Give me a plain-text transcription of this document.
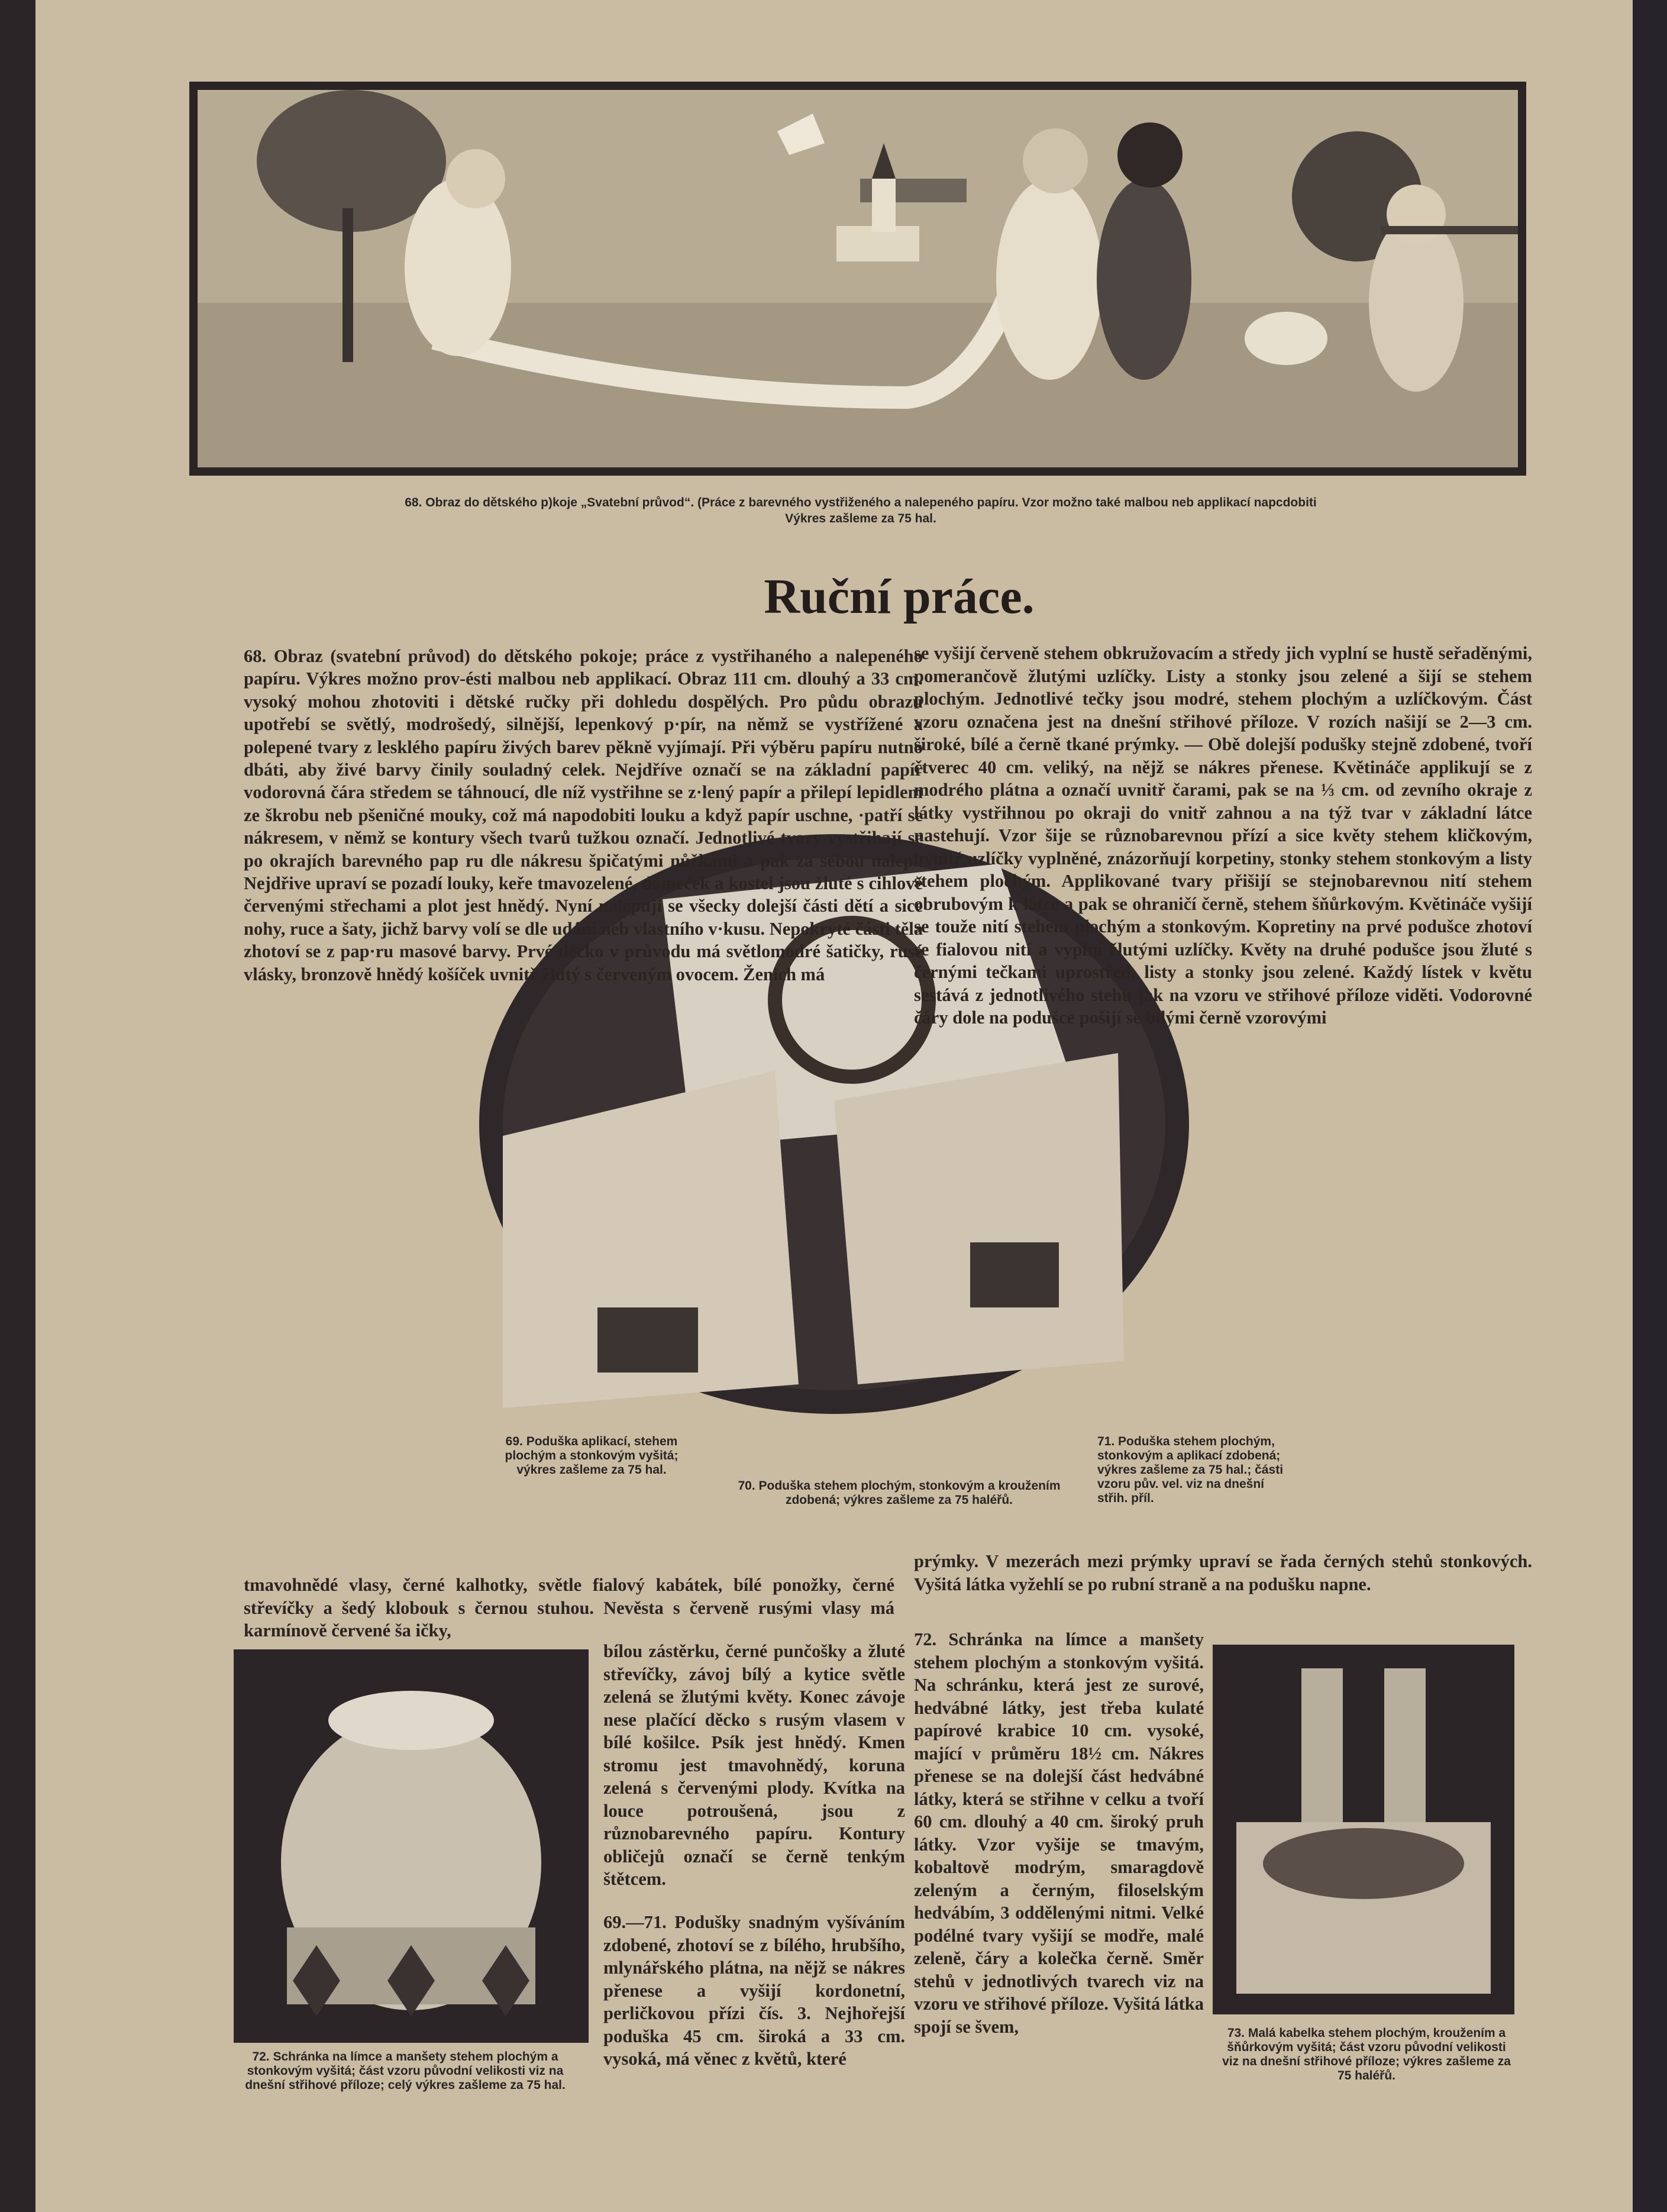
68. Obraz do dětského p)koje „Svatební průvod“. (Práce z barevného vystřiženého a nalepeného papíru. Vzor možno také malbou neb applikací napcdobiti
Výkres zašleme za 75 hal.
Ruční práce.

68. Obraz (svatební průvod) do dětského pokoje; práce z vystřihaného a nalepeného papíru. Výkres možno prov-ésti malbou neb applikací. Obraz 111 cm. dlouhý a 33 cm. vysoký mohou zhotoviti i dětské ručky při dohledu dospělých. Pro půdu obrazu upotřebí se světlý, modrošedý, silnější, lepenkový p·pír, na němž se vystřížené a polepené tvary z lesklého papíru živých barev pěkně vyjímají. Při výběru papíru nutno dbáti, aby živé barvy činily souladný celek. Nejdříve označí se na základní papír vodorovná čára středem se táhnoucí, dle níž vystřihne se z·lený papír a přilepí lepidlem ze škrobu neb pšeničné mouky, což má napodobiti louku a když papír uschne, ·patří se nákresem, v němž se kontury všech tvarů tužkou označí. Jednotlivé tvary vystřihají se po okrajích barevného pap ru dle nákresu špičatými nůžkami a pak za sebou nalepí. Nejdřive upraví se pozadí louky, keře tmavozelené, domeček a kostel jsou žluté s cihlově červenými střechami a plot jest hnědý. Nyní nalepují se všecky dolejší části dětí a sice nohy, ruce a šaty, jichž barvy volí se dle udání neb vlastního v·kusu. Nepokryté části těla zhotoví se z pap·ru masové barvy. Prvé děcko v průvodu má světlomodré šatičky, rusé vlásky, bronzově hnědý košíček uvnitř žlutý s červeným ovocem. Ženich má

tmavohnědé vlasy, černé kalhotky, světle fialový kabátek, bílé ponožky, černé střevíčky a šedý klobouk s černou stuhou. Nevěsta s červeně rusými vlasy má karmínově červené ša ičky,

bílou zástěrku, černé punčošky a žluté střevíčky, závoj bílý a kytice světle zelená se žlutými květy. Konec závoje nese plačící děcko s rusým vlasem v bílé košilce. Psík jest hnědý. Kmen stromu jest tmavohnědý, koruna zelená s červenými plody. Kvítka na louce potroušená, jsou z různobarevného papíru. Kontury obličejů označí se černě tenkým štětcem.

69.—71. Podušky snadným vyšíváním zdobené, zhotoví se z bílého, hrubšího, mlynářského plátna, na nějž se nákres přenese a vyšijí kordonetní, perličkovou přízi čís. 3. Nejhořejší poduška 45 cm. široká a 33 cm. vysoká, má věnec z květů, které

se vyšijí červeně stehem obkružovacím a středy jich vyplní se hustě seřaděnými, pomerančově žlutými uzlíčky. Listy a stonky jsou zelené a šijí se stehem plochým. Jednotlivé tečky jsou modré, stehem plochým a uzlíčkovým. Část vzoru označena jest na dnešní střihové příloze. V rozích našijí se 2—3 cm. široké, bílé a černě tkané prýmky. — Obě dolejší podušky stejně zdobené, tvoří čtverec 40 cm. veliký, na nějž se nákres přenese. Květináče applikují se z modrého plátna a označí uvnitř čarami, pak se na ⅓ cm. od zevního okraje z látky vystřihnou po okraji do vnitř zahnou a na týž tvar v základní látce nastehují. Vzor šije se různobarevnou přízí a sice květy stehem kličkovým, uvnitř uzlíčky vyplněné, znázorňují korpetiny, stonky stehem stonkovým a listy stehem plochým. Applikované tvary přišijí se stejnobarevnou nití stehem obrubovým k látce a pak se ohraničí černě, stehem šňůrkovým. Květináče vyšijí se touže nití stehem plochým a stonkovým. Kopretiny na prvé podušce zhotoví se fialovou nití a vyplní žlutými uzlíčky. Květy na druhé podušce jsou žluté s černými tečkami uprostřed, listy a stonky jsou zelené. Každý lístek v květu sestává z jednotlivého stehu jak na vzoru ve střihové příloze viděti. Vodorovné čáry dole na podušce pošijí se bílými černě vzorovými

prýmky. V mezerách mezi prýmky upraví se řada černých stehů stonkových. Vyšitá látka vyžehlí se po rubní straně a na podušku napne.

72. Schránka na límce a manšety stehem plochým a stonkovým vyšitá. Na schránku, která jest ze surové, hedvábné látky, jest třeba kulaté papírové krabice 10 cm. vysoké, mající v průměru 18½ cm. Nákres přenese se na dolejší část hedvábné látky, která se střihne v celku a tvoří 60 cm. dlouhý a 40 cm. široký pruh látky. Vzor vyšije se tmavým, kobaltově modrým, smaragdově zeleným a černým, filoselským hedvábím, 3 oddělenými nitmi. Velké podélné tvary vyšijí se modře, malé zeleně, čáry a kolečka černě. Směr stehů v jednotlivých tvarech viz na vzoru ve střihové příloze. Vyšitá látka spojí se švem,

69. Poduška aplikací, stehem plochým a stonkovým vyšitá; výkres zašleme za 75 hal.
70. Poduška stehem plochým, stonkovým a kroužením zdobená; výkres zašleme za 75 haléřů.
71. Poduška stehem plochým, stonkovým a aplikací zdobená; výkres zašleme za 75 hal.; části vzoru pův. vel. viz na dnešní střih. příl.
72. Schránka na límce a manšety stehem plochým a stonkovým vyšitá; část vzoru původní velikosti viz na dnešní střihové příloze; celý výkres zašleme za 75 hal.
73. Malá kabelka stehem plochým, kroužením a šňůrkovým vyšitá; část vzoru původní velikosti viz na dnešní střihové příloze; výkres zašleme za 75 haléřů.
